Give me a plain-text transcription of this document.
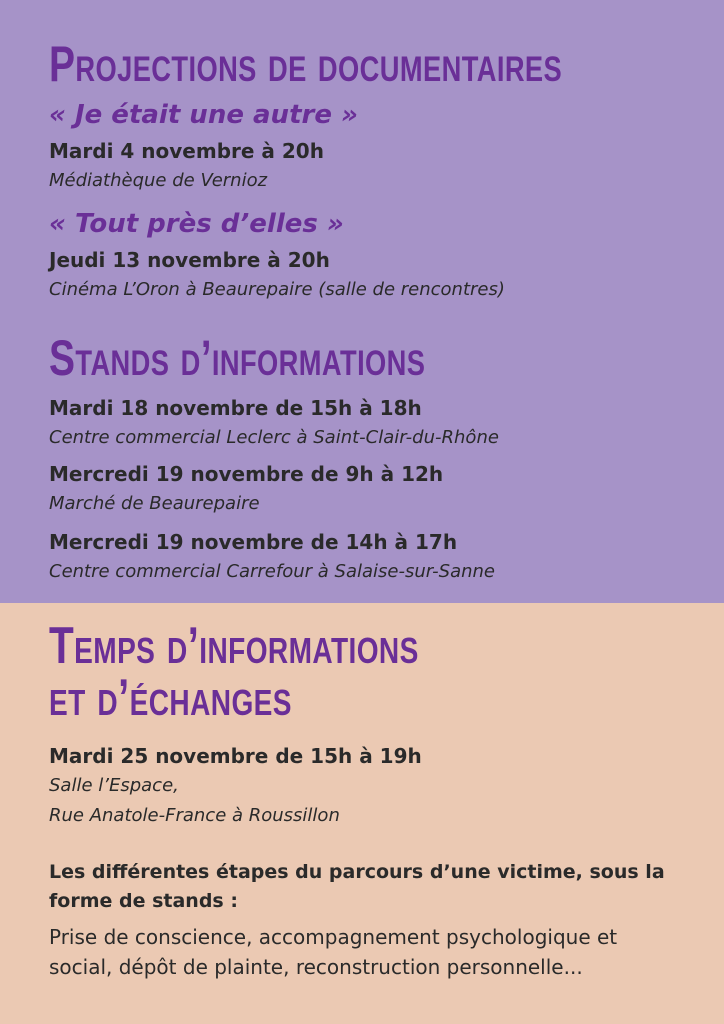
Projections de documentaires

« Je était une autre »

Mardi 4 novembre à 20h

Médiathèque de Vernioz

« Tout près d’elles »

Jeudi 13 novembre à 20h

Cinéma L’Oron à Beaurepaire (salle de rencontres)

Stands d’informations

Mardi 18 novembre de 15h à 18h

Centre commercial Leclerc à Saint-Clair-du-Rhône

Mercredi 19 novembre de 9h à 12h

Marché de Beaurepaire

Mercredi 19 novembre de 14h à 17h

Centre commercial Carrefour à Salaise-sur-Sanne

Temps d’informations
et d’échanges

Mardi 25 novembre de 15h à 19h

Salle l’Espace,

Rue Anatole-France à Roussillon

Les différentes étapes du parcours d’une victime, sous la forme de stands :

Prise de conscience, accompagnement psychologique et social, dépôt de plainte, reconstruction personnelle...
